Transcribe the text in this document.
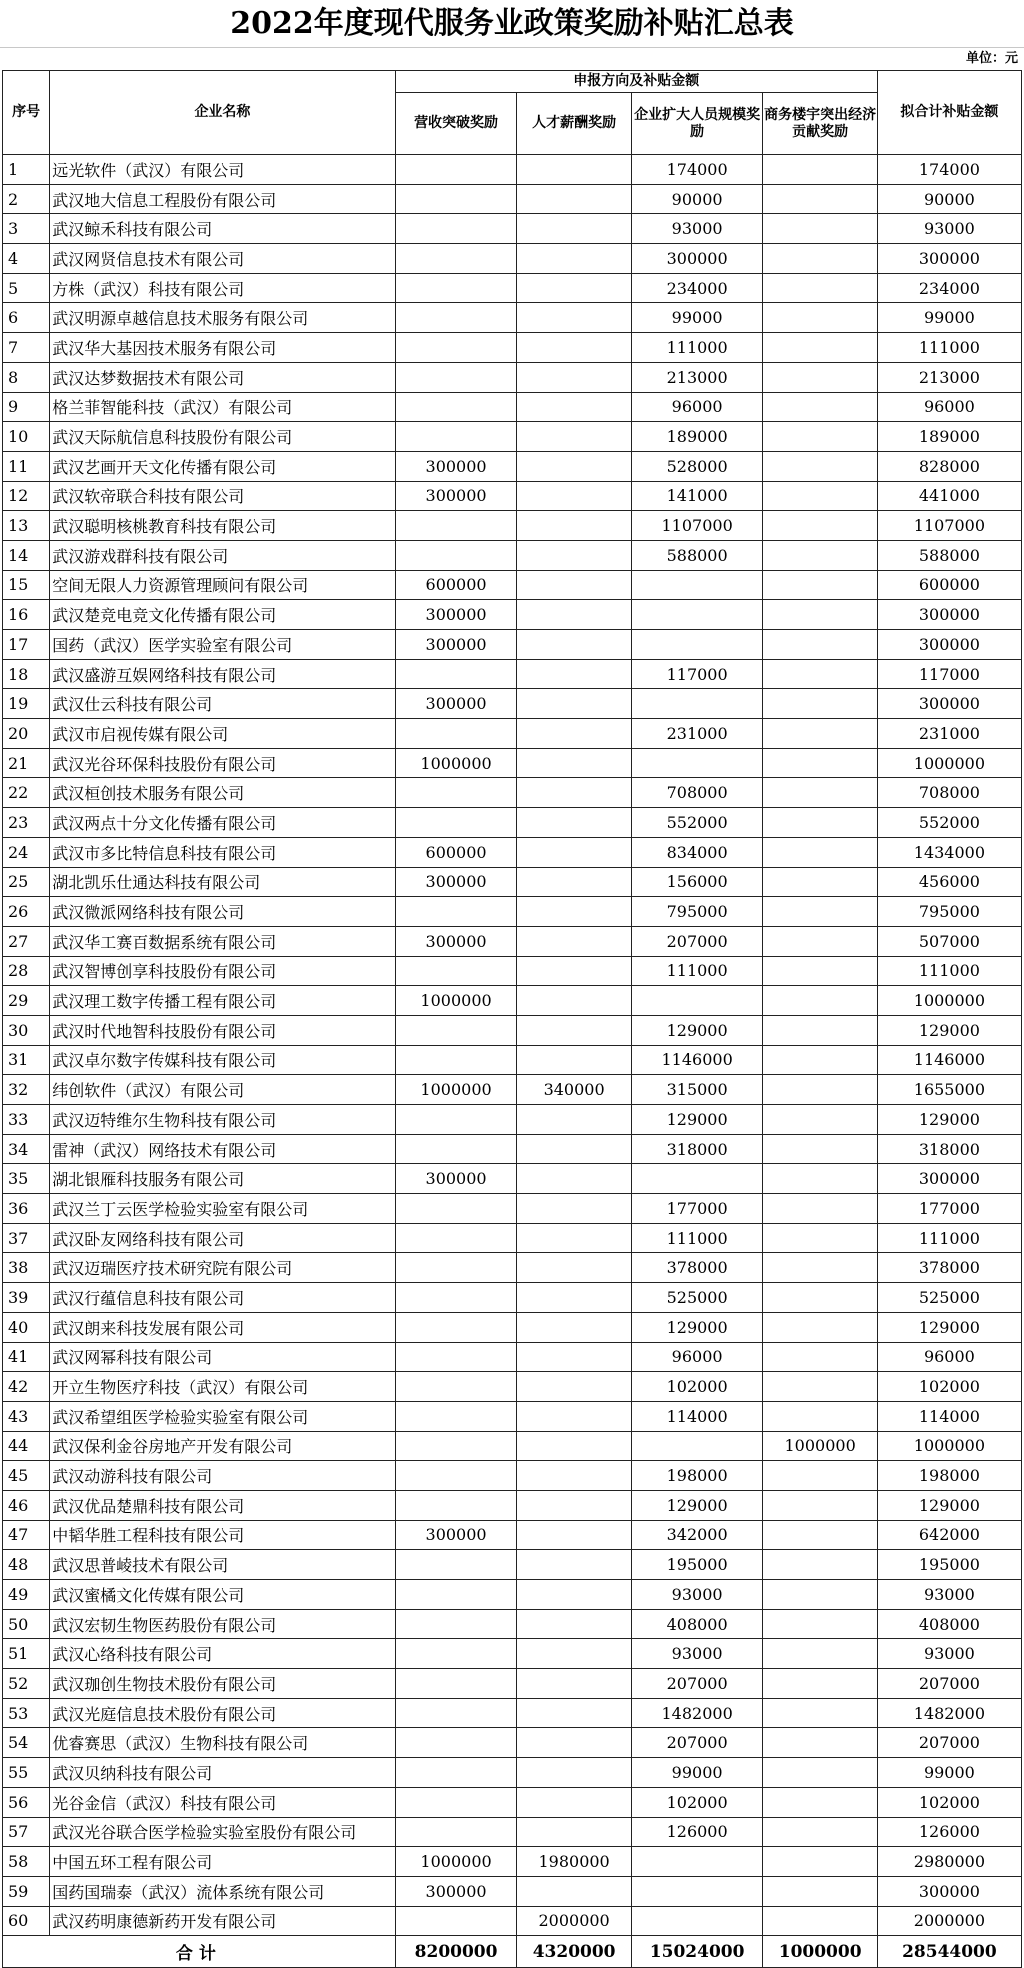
2022年度现代服务业政策奖励补贴汇总表
单位：元
序号	企业名称	申报方向及补贴金额				拟合计补贴金额
		营收突破奖励	人才薪酬奖励	企业扩大人员规模奖励	商务楼宇突出经济贡献奖励	
1	远光软件（武汉）有限公司			174000		174000
2	武汉地大信息工程股份有限公司			90000		90000
3	武汉鲸禾科技有限公司			93000		93000
4	武汉网贤信息技术有限公司			300000		300000
5	方株（武汉）科技有限公司			234000		234000
6	武汉明源卓越信息技术服务有限公司			99000		99000
7	武汉华大基因技术服务有限公司			111000		111000
8	武汉达梦数据技术有限公司			213000		213000
9	格兰菲智能科技（武汉）有限公司			96000		96000
10	武汉天际航信息科技股份有限公司			189000		189000
11	武汉艺画开天文化传播有限公司	300000		528000		828000
12	武汉软帝联合科技有限公司	300000		141000		441000
13	武汉聪明核桃教育科技有限公司			1107000		1107000
14	武汉游戏群科技有限公司			588000		588000
15	空间无限人力资源管理顾问有限公司	600000				600000
16	武汉楚竞电竞文化传播有限公司	300000				300000
17	国药（武汉）医学实验室有限公司	300000				300000
18	武汉盛游互娱网络科技有限公司			117000		117000
19	武汉仕云科技有限公司	300000				300000
20	武汉市启视传媒有限公司			231000		231000
21	武汉光谷环保科技股份有限公司	1000000				1000000
22	武汉桓创技术服务有限公司			708000		708000
23	武汉两点十分文化传播有限公司			552000		552000
24	武汉市多比特信息科技有限公司	600000		834000		1434000
25	湖北凯乐仕通达科技有限公司	300000		156000		456000
26	武汉微派网络科技有限公司			795000		795000
27	武汉华工赛百数据系统有限公司	300000		207000		507000
28	武汉智博创享科技股份有限公司			111000		111000
29	武汉理工数字传播工程有限公司	1000000				1000000
30	武汉时代地智科技股份有限公司			129000		129000
31	武汉卓尔数字传媒科技有限公司			1146000		1146000
32	纬创软件（武汉）有限公司	1000000	340000	315000		1655000
33	武汉迈特维尔生物科技有限公司			129000		129000
34	雷神（武汉）网络技术有限公司			318000		318000
35	湖北银雁科技服务有限公司	300000				300000
36	武汉兰丁云医学检验实验室有限公司			177000		177000
37	武汉卧友网络科技有限公司			111000		111000
38	武汉迈瑞医疗技术研究院有限公司			378000		378000
39	武汉行蕴信息科技有限公司			525000		525000
40	武汉朗来科技发展有限公司			129000		129000
41	武汉网幂科技有限公司			96000		96000
42	开立生物医疗科技（武汉）有限公司			102000		102000
43	武汉希望组医学检验实验室有限公司			114000		114000
44	武汉保利金谷房地产开发有限公司				1000000	1000000
45	武汉动游科技有限公司			198000		198000
46	武汉优品楚鼎科技有限公司			129000		129000
47	中韬华胜工程科技有限公司	300000		342000		642000
48	武汉思普崚技术有限公司			195000		195000
49	武汉蜜橘文化传媒有限公司			93000		93000
50	武汉宏韧生物医药股份有限公司			408000		408000
51	武汉心络科技有限公司			93000		93000
52	武汉珈创生物技术股份有限公司			207000		207000
53	武汉光庭信息技术股份有限公司			1482000		1482000
54	优睿赛思（武汉）生物科技有限公司			207000		207000
55	武汉贝纳科技有限公司			99000		99000
56	光谷金信（武汉）科技有限公司			102000		102000
57	武汉光谷联合医学检验实验室股份有限公司			126000		126000
58	中国五环工程有限公司	1000000	1980000			2980000
59	国药国瑞泰（武汉）流体系统有限公司	300000				300000
60	武汉药明康德新药开发有限公司		2000000			2000000
合计		8200000	4320000	15024000	1000000	28544000
